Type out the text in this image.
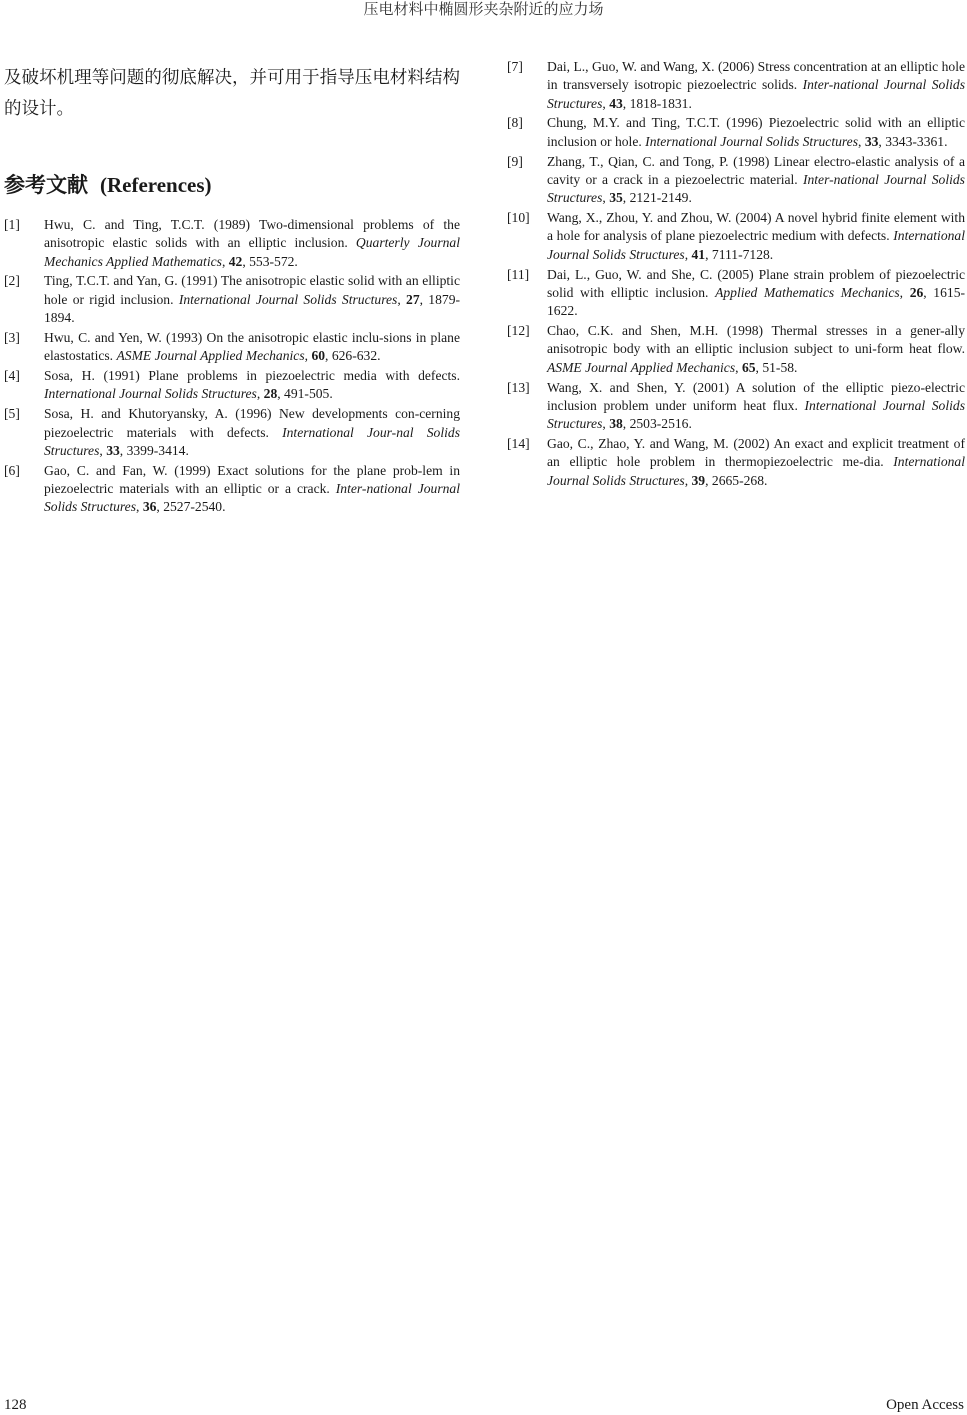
压电材料中椭圆形夹杂附近的应力场
及破坏机理等问题的彻底解决，并可用于指导压电材料结构的设计。
参考文献 (References)
[1]	Hwu, C. and Ting, T.C.T. (1989) Two-dimensional problems of the anisotropic elastic solids with an elliptic inclusion. Quarterly Journal Mechanics Applied Mathematics, 42, 553-572.
[2]	Ting, T.C.T. and Yan, G. (1991) The anisotropic elastic solid with an elliptic hole or rigid inclusion. International Journal Solids Structures, 27, 1879-1894.
[3]	Hwu, C. and Yen, W. (1993) On the anisotropic elastic inclu-sions in plane elastostatics. ASME Journal Applied Mechanics, 60, 626-632.
[4]	Sosa, H. (1991) Plane problems in piezoelectric media with defects. International Journal Solids Structures, 28, 491-505.
[5]	Sosa, H. and Khutoryansky, A. (1996) New developments con-cerning piezoelectric materials with defects. International Jour-nal Solids Structures, 33, 3399-3414.
[6]	Gao, C. and Fan, W. (1999) Exact solutions for the plane prob-lem in piezoelectric materials with an elliptic or a crack. Inter-national Journal Solids Structures, 36, 2527-2540.
[7]	Dai, L., Guo, W. and Wang, X. (2006) Stress concentration at an elliptic hole in transversely isotropic piezoelectric solids. Inter-national Journal Solids Structures, 43, 1818-1831.
[8]	Chung, M.Y. and Ting, T.C.T. (1996) Piezoelectric solid with an elliptic inclusion or hole. International Journal Solids Structures, 33, 3343-3361.
[9]	Zhang, T., Qian, C. and Tong, P. (1998) Linear electro-elastic analysis of a cavity or a crack in a piezoelectric material. Inter-national Journal Solids Structures, 35, 2121-2149.
[10]	Wang, X., Zhou, Y. and Zhou, W. (2004) A novel hybrid finite element with a hole for analysis of plane piezoelectric medium with defects. International Journal Solids Structures, 41, 7111-7128.
[11]	Dai, L., Guo, W. and She, C. (2005) Plane strain problem of piezoelectric solid with elliptic inclusion. Applied Mathematics Mechanics, 26, 1615-1622.
[12]	Chao, C.K. and Shen, M.H. (1998) Thermal stresses in a gener-ally anisotropic body with an elliptic inclusion subject to uni-form heat flow. ASME Journal Applied Mechanics, 65, 51-58.
[13]	Wang, X. and Shen, Y. (2001) A solution of the elliptic piezo-electric inclusion problem under uniform heat flux. International Journal Solids Structures, 38, 2503-2516.
[14]	Gao, C., Zhao, Y. and Wang, M. (2002) An exact and explicit treatment of an elliptic hole problem in thermopiezoelectric me-dia. International Journal Solids Structures, 39, 2665-268.
128	Open Access
